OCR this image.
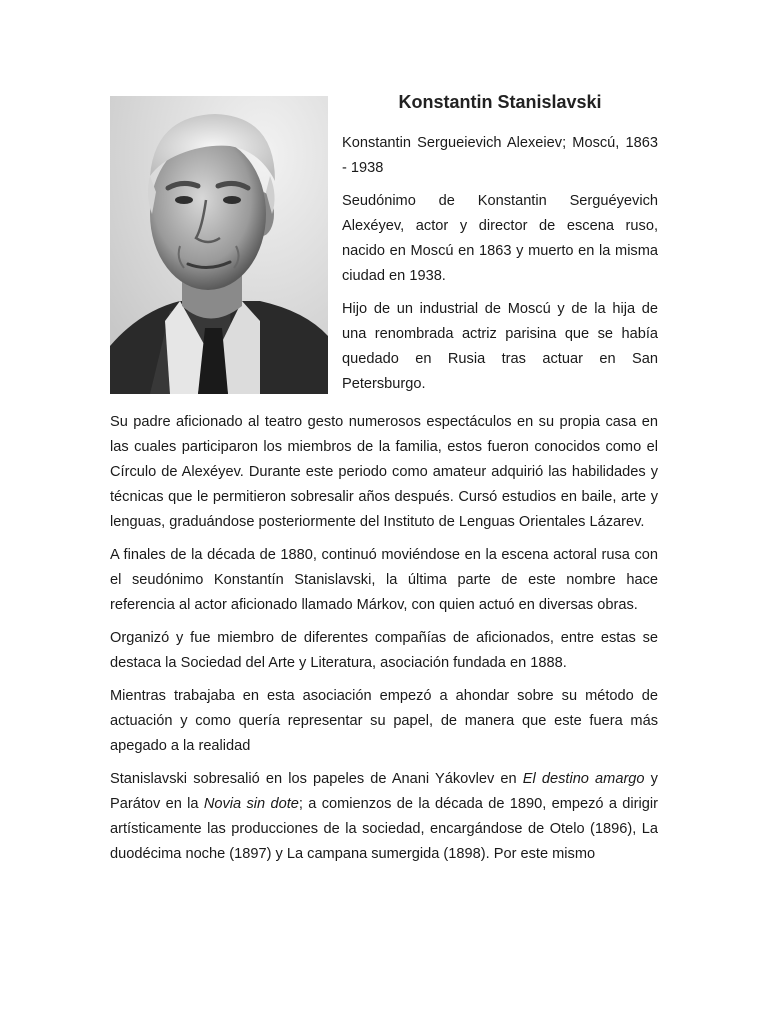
Konstantin Stanislavski

Konstantin Sergueievich Alexeiev; Moscú, 1863 - 1938

Seudónimo de Konstantin Serguéyevich Alexéyev, actor y director de escena ruso, nacido en Moscú en 1863 y muerto en la misma ciudad en 1938.

Hijo de un industrial de Moscú y de la hija de una renombrada actriz parisina que se había quedado en Rusia tras actuar en San Petersburgo.

Su padre aficionado al teatro gesto numerosos espectáculos en su propia casa en las cuales participaron los miembros de la familia, estos fueron conocidos como el Círculo de Alexéyev. Durante este periodo como amateur adquirió las habilidades y técnicas que le permitieron sobresalir años después. Cursó estudios en baile, arte y lenguas, graduándose posteriormente del Instituto de Lenguas Orientales Lázarev.

A finales de la década de 1880, continuó moviéndose en la escena actoral rusa con el seudónimo Konstantín Stanislavski, la última parte de este nombre hace referencia al actor aficionado llamado Márkov, con quien actuó en diversas obras.

Organizó y fue miembro de diferentes compañías de aficionados, entre estas se destaca la Sociedad del Arte y Literatura, asociación fundada en 1888.

Mientras trabajaba en esta asociación empezó a ahondar sobre su método de actuación y como quería representar su papel, de manera que este fuera más apegado a la realidad

Stanislavski sobresalió en los papeles de Anani Yákovlev en El destino amargo y Parátov en la Novia sin dote; a comienzos de la década de 1890, empezó a dirigir artísticamente las producciones de la sociedad, encargándose de Otelo (1896), La duodécima noche (1897) y La campana sumergida (1898). Por este mismo
